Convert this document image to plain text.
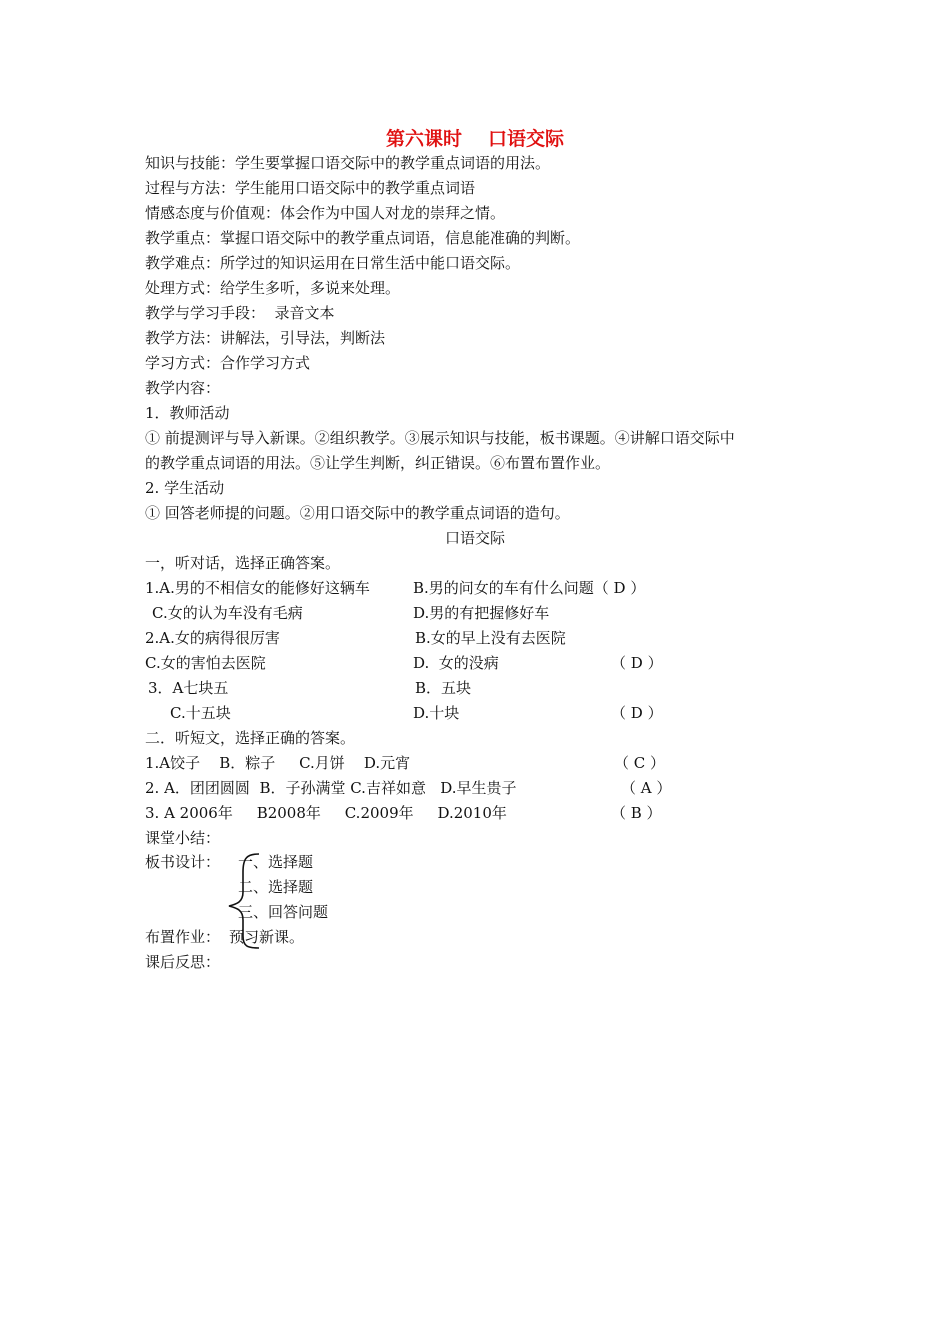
第六课时 口语交际
知识与技能：学生要掌握口语交际中的教学重点词语的用法。
过程与方法：学生能用口语交际中的教学重点词语
情感态度与价值观：体会作为中国人对龙的崇拜之情。
教学重点：掌握口语交际中的教学重点词语，信息能准确的判断。
教学难点：所学过的知识运用在日常生活中能口语交际。
处理方式：给学生多听，多说来处理。
教学与学习手段：  录音文本
教学方法：讲解法，引导法，判断法
学习方式：合作学习方式
教学内容：
1．教师活动
① 前提测评与导入新课。②组织教学。③展示知识与技能，板书课题。④讲解口语交际中
的教学重点词语的用法。⑤让学生判断，纠正错误。⑥布置布置作业。
2. 学生活动
① 回答老师提的问题。②用口语交际中的教学重点词语的造句。
口语交际
一，听对话，选择正确答案。
1.A.男的不相信女的能修好这辆车	B.男的问女的车有什么问题（ D ）
C.女的认为车没有毛病	D.男的有把握修好车
2.A.女的病得很厉害	B.女的早上没有去医院
C.女的害怕去医院	D.  女的没病	（ D ）
3．A七块五	B．五块
C.十五块	D.十块	（ D ）
二．听短文，选择正确的答案。
1.A饺子    B．粽子     C.月饼    D.元宵	（ C ）
2. A．团团圆圆  B．子孙满堂 C.吉祥如意   D.早生贵子	（ A ）
3. A 2006年     B2008年     C.2009年     D.2010年	（ B ）
课堂小结：
板书设计： 一、选择题
二、选择题
三、回答问题
布置作业： 预习新课。
课后反思：
